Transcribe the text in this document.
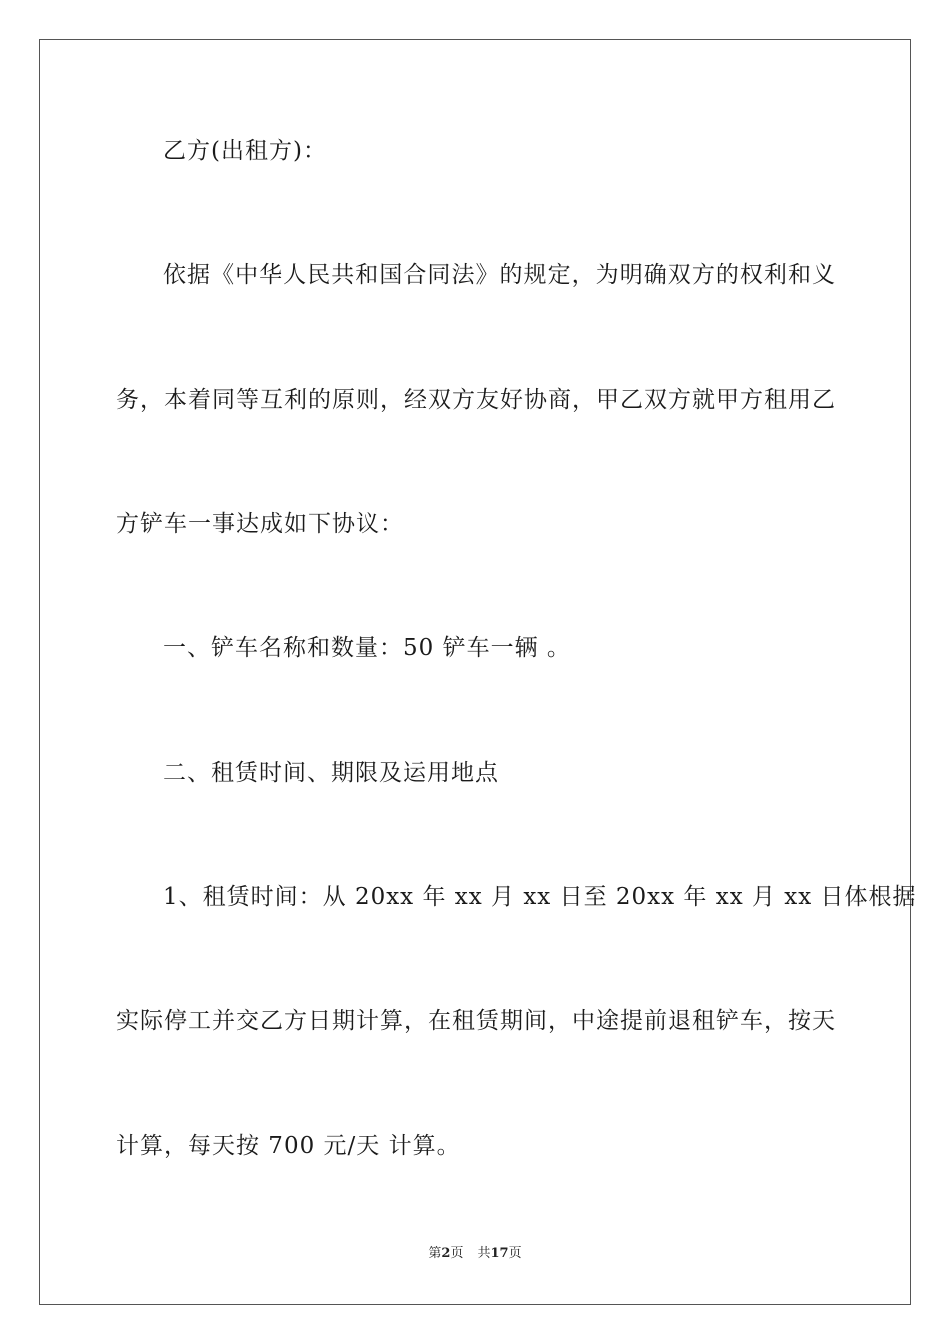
乙方(出租方)：
依据《中华人民共和国合同法》的规定，为明确双方的权利和义
务，本着同等互利的原则，经双方友好协商，甲乙双方就甲方租用乙
方铲车一事达成如下协议：
一、铲车名称和数量：50 铲车一辆 。
二、租赁时间、期限及运用地点
1、租赁时间：从 20xx 年 xx 月 xx 日至 20xx 年 xx 月 xx 日体根据
实际停工并交乙方日期计算，在租赁期间，中途提前退租铲车，按天
计算，每天按 700 元/天 计算。
第2页 共17页
